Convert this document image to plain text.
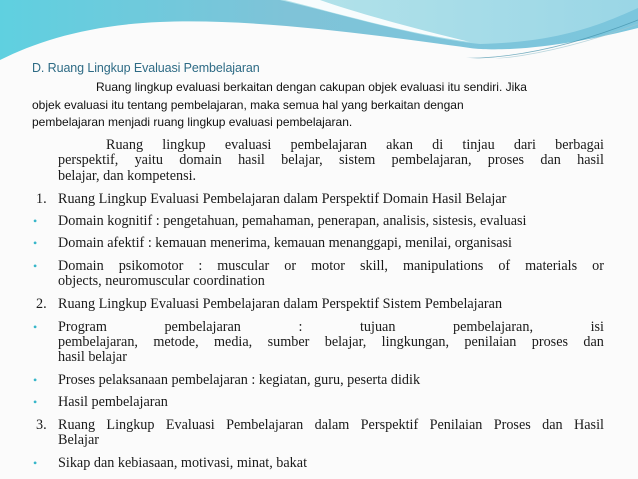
D. Ruang Lingkup Evaluasi Pembelajaran
Ruang lingkup evaluasi berkaitan dengan cakupan objek evaluasi itu sendiri. Jika
objek evaluasi itu tentang pembelajaran, maka semua hal yang berkaitan dengan
pembelajaran menjadi ruang lingkup evaluasi pembelajaran.
Ruang lingkup evaluasi pembelajaran akan di tinjau dari berbagai
perspektif, yaitu domain hasil belajar, sistem pembelajaran, proses dan hasil
belajar, dan kompetensi.
1. Ruang Lingkup Evaluasi Pembelajaran dalam Perspektif Domain Hasil Belajar
• Domain kognitif : pengetahuan, pemahaman, penerapan, analisis, sistesis, evaluasi
• Domain afektif : kemauan menerima, kemauan menanggapi, menilai, organisasi
• Domain psikomotor : muscular or motor skill, manipulations of materials or
objects, neuromuscular coordination
2. Ruang Lingkup Evaluasi Pembelajaran dalam Perspektif Sistem Pembelajaran
• Program	pembelajaran	:	tujuan	pembelajaran,	isi
pembelajaran, metode, media, sumber belajar, lingkungan, penilaian proses dan
hasil belajar
• Proses pelaksanaan pembelajaran : kegiatan, guru, peserta didik
• Hasil pembelajaran
3. Ruang Lingkup Evaluasi Pembelajaran dalam Perspektif Penilaian Proses dan Hasil
Belajar
• Sikap dan kebiasaan, motivasi, minat, bakat
